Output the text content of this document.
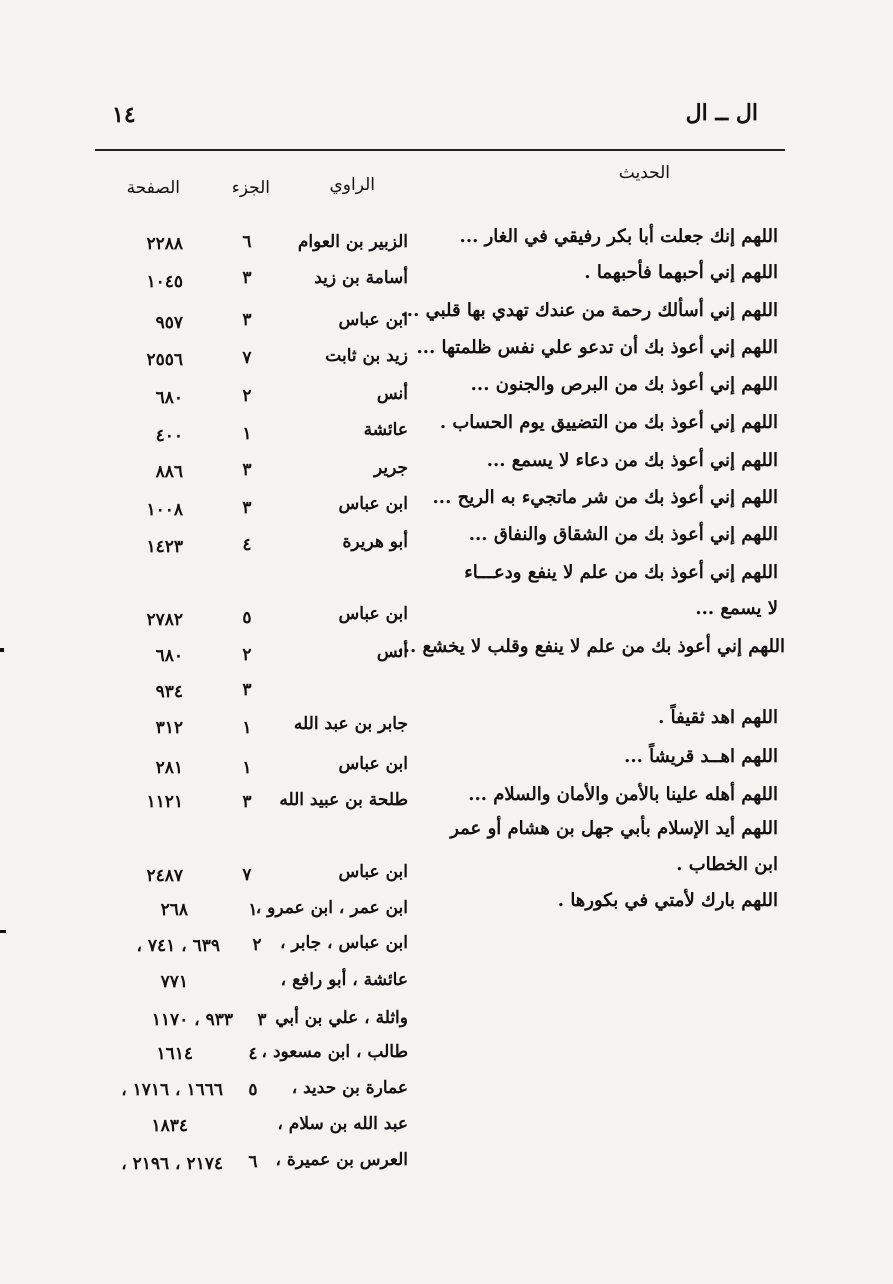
ال ــ ال
١٤
الحديث
الراوي
الجزء
الصفحة
اللهم إنك جعلت أبا بكر رفيقي في الغار ...
اللهم إني أحبهما فأحبهما .
اللهم إني أسألك رحمة من عندك تهدي بها قلبي ...
اللهم إني أعوذ بك أن تدعو علي نفس ظلمتها ...
اللهم إني أعوذ بك من البرص والجنون ...
اللهم إني أعوذ بك من التضييق يوم الحساب .
اللهم إني أعوذ بك من دعاء لا يسمع ...
اللهم إني أعوذ بك من شر ماتجيء به الريح ...
اللهم إني أعوذ بك من الشقاق والنفاق ...
اللهم إني أعوذ بك من علم لا ينفع ودعـــاء
لا يسمع ...
اللهم إني أعوذ بك من علم لا ينفع وقلب لا يخشع ...
اللهم اهد ثقيفاً .
اللهم اهــد قريشاً ...
اللهم أهله علينا بالأمن والأمان والسلام ...
اللهم أيد الإسلام بأبي جهل بن هشام أو عمر
ابن الخطاب .
اللهم بارك لأمتي في بكورها .
الزبير بن العوام
٦
٢٢٨٨
أسامة بن زيد
٣
١٠٤٥
ابن عباس
٣
٩٥٧
زيد بن ثابت
٧
٢٥٥٦
أنس
٢
٦٨٠
عائشة
١
٤٠٠
جرير
٣
٨٨٦
ابن عباس
٣
١٠٠٨
أبو هريرة
٤
١٤٢٣
ابن عباس
٥
٢٧٨٢
أنس
٢
٦٨٠
٣
٩٣٤
جابر بن عبد الله
١
٣١٢
ابن عباس
١
٢٨١
طلحة بن عبيد الله
٣
١١٢١
ابن عباس
٧
٢٤٨٧
ابن عمر ، ابن عمرو ،
١
٢٦٨
ابن عباس ، جابر ،
٢
٦٣٩ ، ٧٤١ ،
عائشة ، أبو رافع ،
٧٧١
واثلة ، علي بن أبي
٣
٩٣٣ ، ١١٧٠
طالب ، ابن مسعود ،
٤
١٦١٤
عمارة بن حديد ،
٥
١٦٦٦ ، ١٧١٦ ،
عبد الله بن سلام ،
١٨٣٤
العرس بن عميرة ،
٦
٢١٧٤ ، ٢١٩٦ ،
